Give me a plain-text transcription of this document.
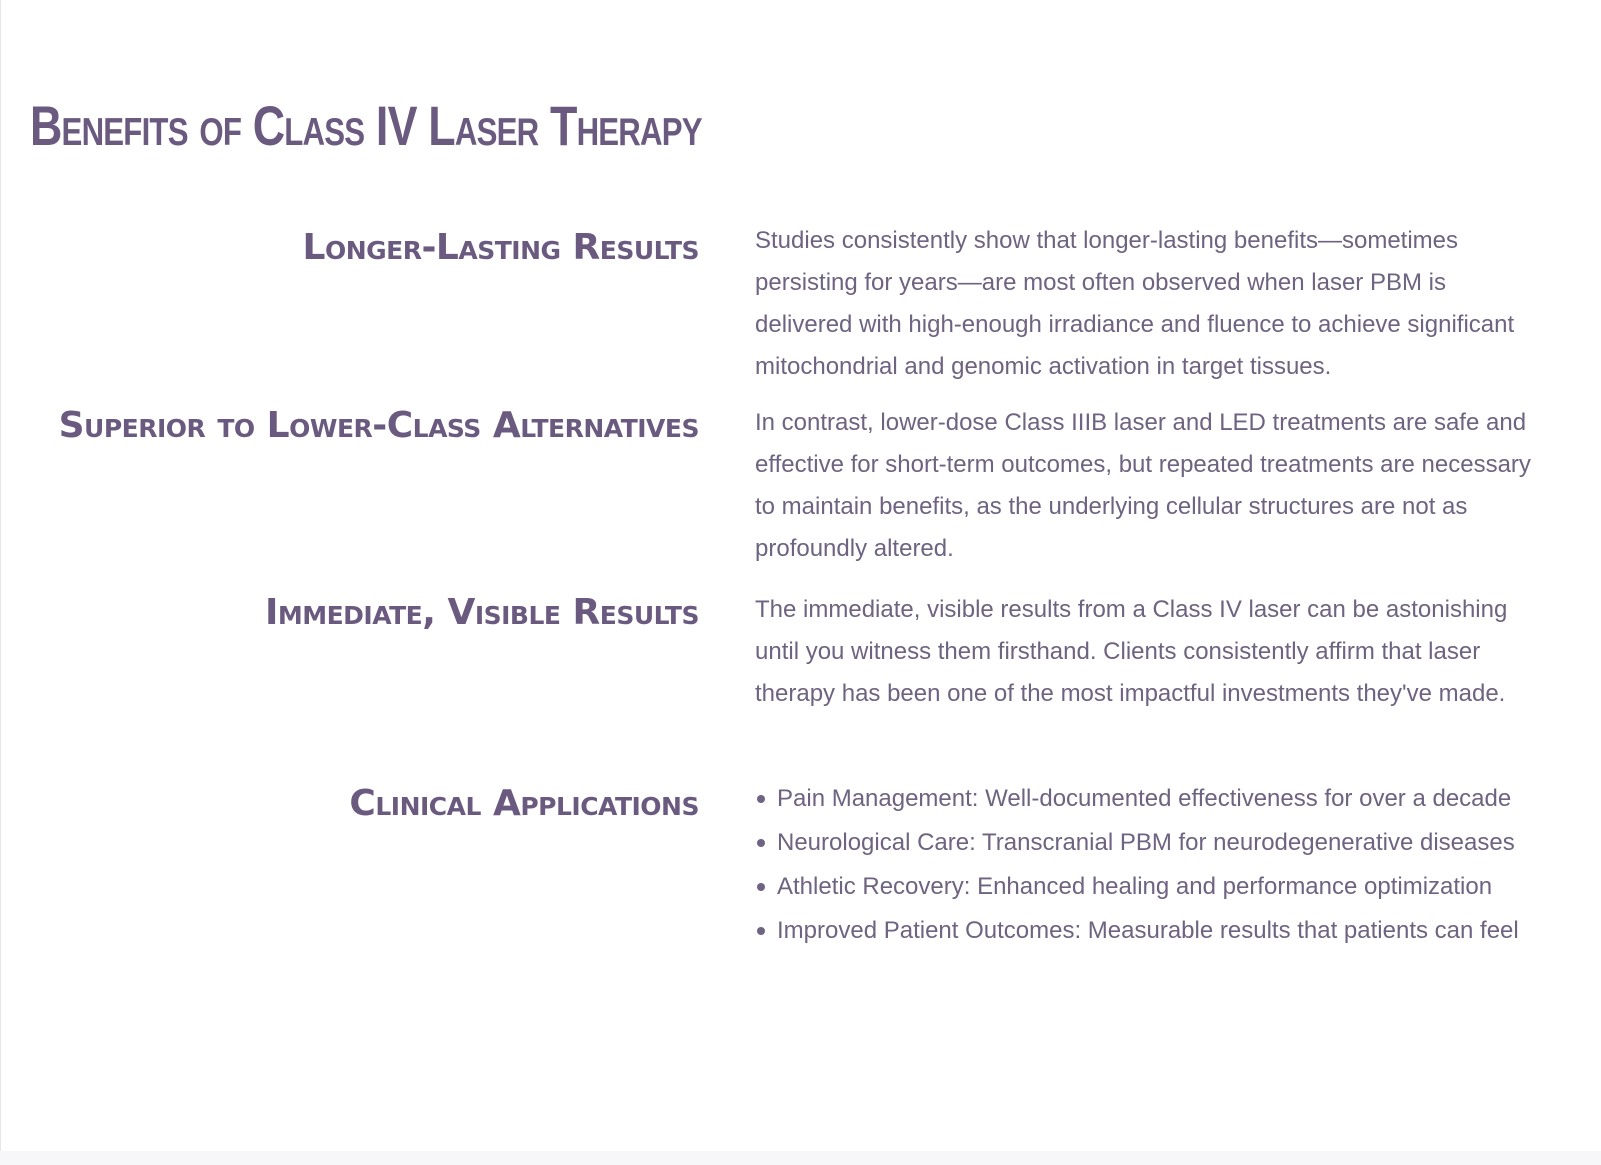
Benefits of Class IV Laser Therapy
Longer-Lasting Results Studies consistently show that longer-lasting benefits—sometimes persisting for years—are most often observed when laser PBM is delivered with high-enough irradiance and fluence to achieve significant mitochondrial and genomic activation in target tissues.

Superior to Lower-Class Alternatives In contrast, lower-dose Class IIIB laser and LED treatments are safe and effective for short-term outcomes, but repeated treatments are necessary to maintain benefits, as the underlying cellular structures are not as profoundly altered.

Immediate, Visible Results The immediate, visible results from a Class IV laser can be astonishing until you witness them firsthand. Clients consistently affirm that laser therapy has been one of the most impactful investments they've made.

Clinical Applications	Pain Management: Well-documented effectiveness for over a decade
Neurological Care: Transcranial PBM for neurodegenerative diseases
Athletic Recovery: Enhanced healing and performance optimization
Improved Patient Outcomes: Measurable results that patients can feel
